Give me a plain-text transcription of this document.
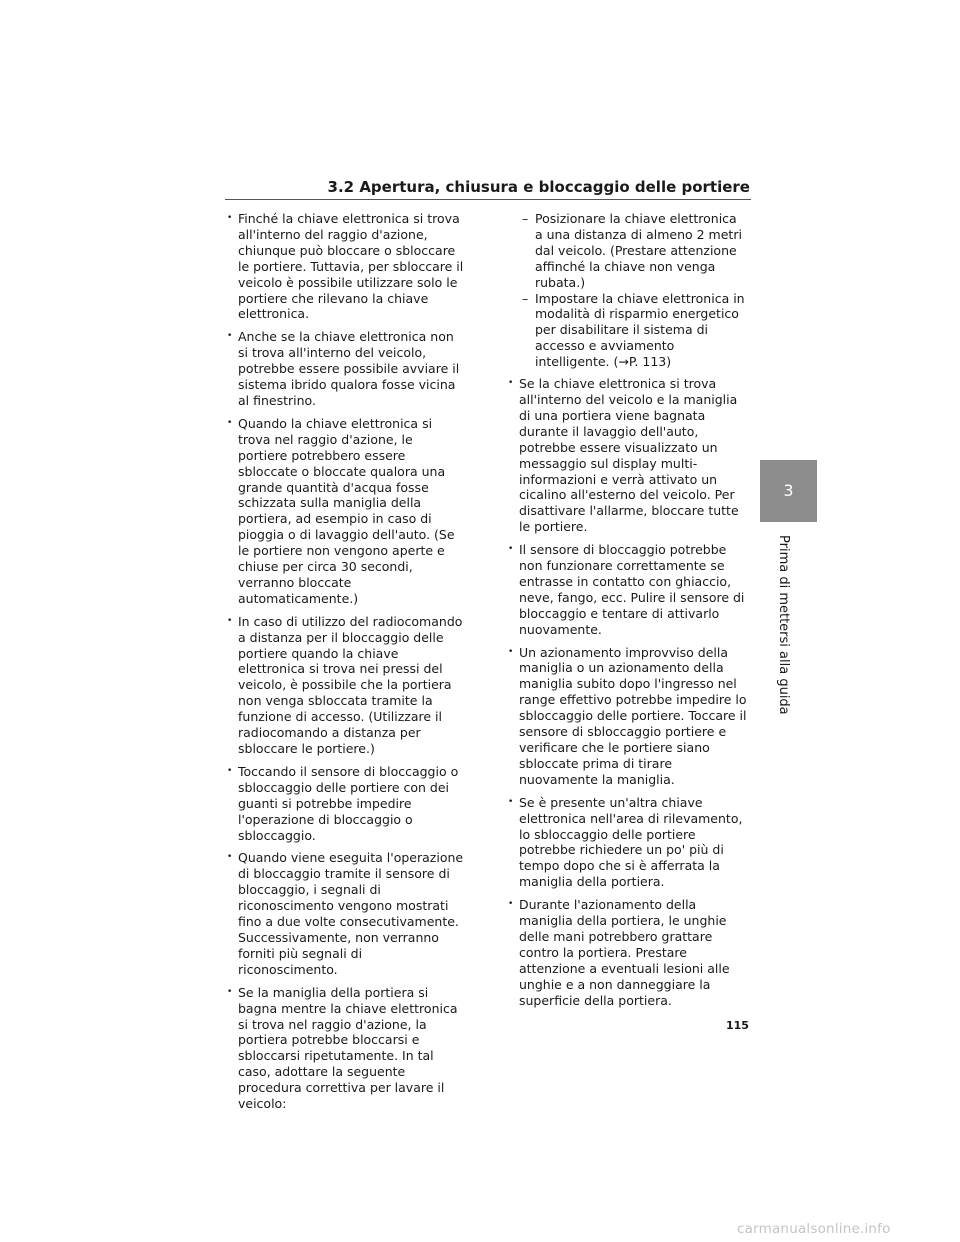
3.2 Apertura, chiusura e bloccaggio delle portiere
3
Prima di mettersi alla guida

• Finché la chiave elettronica si trova all'interno del raggio d'azione, chiunque può bloccare o sbloccare le portiere. Tuttavia, per sbloccare il veicolo è possibile utilizzare solo le portiere che rilevano la chiave elettronica.

• Anche se la chiave elettronica non si trova all'interno del veicolo, potrebbe essere possibile avviare il sistema ibrido qualora fosse vicina al finestrino.

• Quando la chiave elettronica si trova nel raggio d'azione, le portiere potrebbero essere sbloccate o bloccate qualora una grande quantità d'acqua fosse schizzata sulla maniglia della portiera, ad esempio in caso di pioggia o di lavaggio dell'auto. (Se le portiere non vengono aperte e chiuse per circa 30 secondi, verranno bloccate automaticamente.)

• In caso di utilizzo del radiocomando a distanza per il bloccaggio delle portiere quando la chiave elettronica si trova nei pressi del veicolo, è possibile che la portiera non venga sbloccata tramite la funzione di accesso. (Utilizzare il radiocomando a distanza per sbloccare le portiere.)

• Toccando il sensore di bloccaggio o sbloccaggio delle portiere con dei guanti si potrebbe impedire l'operazione di bloccaggio o sbloccaggio.

• Quando viene eseguita l'operazione di bloccaggio tramite il sensore di bloccaggio, i segnali di riconoscimento vengono mostrati fino a due volte consecutivamente. Successivamente, non verranno forniti più segnali di riconoscimento.

• Se la maniglia della portiera si bagna mentre la chiave elettronica si trova nel raggio d'azione, la portiera potrebbe bloccarsi e sbloccarsi ripetutamente. In tal caso, adottare la seguente procedura correttiva per lavare il veicolo:

– Posizionare la chiave elettronica a una distanza di almeno 2 metri dal veicolo. (Prestare attenzione affinché la chiave non venga rubata.)

– Impostare la chiave elettronica in modalità di risparmio energetico per disabilitare il sistema di accesso e avviamento intelligente. (→P. 113)

• Se la chiave elettronica si trova all'interno del veicolo e la maniglia di una portiera viene bagnata durante il lavaggio dell'auto, potrebbe essere visualizzato un messaggio sul display multi-informazioni e verrà attivato un cicalino all'esterno del veicolo. Per disattivare l'allarme, bloccare tutte le portiere.

• Il sensore di bloccaggio potrebbe non funzionare correttamente se entrasse in contatto con ghiaccio, neve, fango, ecc. Pulire il sensore di bloccaggio e tentare di attivarlo nuovamente.

• Un azionamento improvviso della maniglia o un azionamento della maniglia subito dopo l'ingresso nel range effettivo potrebbe impedire lo sbloccaggio delle portiere. Toccare il sensore di sbloccaggio portiere e verificare che le portiere siano sbloccate prima di tirare nuovamente la maniglia.

• Se è presente un'altra chiave elettronica nell'area di rilevamento, lo sbloccaggio delle portiere potrebbe richiedere un po' più di tempo dopo che si è afferrata la maniglia della portiera.

• Durante l'azionamento della maniglia della portiera, le unghie delle mani potrebbero grattare contro la portiera. Prestare attenzione a eventuali lesioni alle unghie e a non danneggiare la superficie della portiera.

115
carmanualsonline.info
